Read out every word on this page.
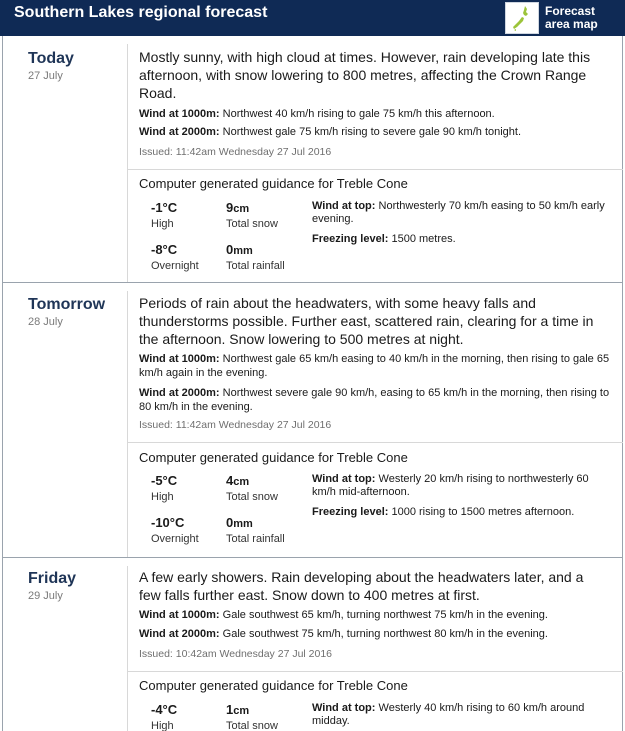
Southern Lakes regional forecast	Forecast
area map
Today
27 July
Mostly sunny, with high cloud at times. However, rain developing late this afternoon, with snow lowering to 800 metres, affecting the Crown Range Road.
Wind at 1000m: Northwest 40 km/h rising to gale 75 km/h this afternoon.
Wind at 2000m: Northwest gale 75 km/h rising to severe gale 90 km/h tonight.
Issued: 11:42am Wednesday 27 Jul 2016
Computer generated guidance for Treble Cone
-1°C
High
9cm
Total snow
-8°C
Overnight
0mm
Total rainfall
Wind at top: Northwesterly 70 km/h easing to 50 km/h early evening.
Freezing level: 1500 metres.
Tomorrow
28 July
Periods of rain about the headwaters, with some heavy falls and thunderstorms possible. Further east, scattered rain, clearing for a time in the afternoon. Snow lowering to 500 metres at night.
Wind at 1000m: Northwest gale 65 km/h easing to 40 km/h in the morning, then rising to gale 65 km/h again in the evening.
Wind at 2000m: Northwest severe gale 90 km/h, easing to 65 km/h in the morning, then rising to 80 km/h in the evening.
Issued: 11:42am Wednesday 27 Jul 2016
Computer generated guidance for Treble Cone
-5°C
High
4cm
Total snow
-10°C
Overnight
0mm
Total rainfall
Wind at top: Westerly 20 km/h rising to northwesterly 60 km/h mid-afternoon.
Freezing level: 1000 rising to 1500 metres afternoon.
Friday
29 July
A few early showers. Rain developing about the headwaters later, and a few falls further east. Snow down to 400 metres at first.
Wind at 1000m: Gale southwest 65 km/h, turning northwest 75 km/h in the evening.
Wind at 2000m: Gale southwest 75 km/h, turning northwest 80 km/h in the evening.
Issued: 10:42am Wednesday 27 Jul 2016
Computer generated guidance for Treble Cone
-4°C
High
1cm
Total snow
Wind at top: Westerly 40 km/h rising to 60 km/h around midday.
